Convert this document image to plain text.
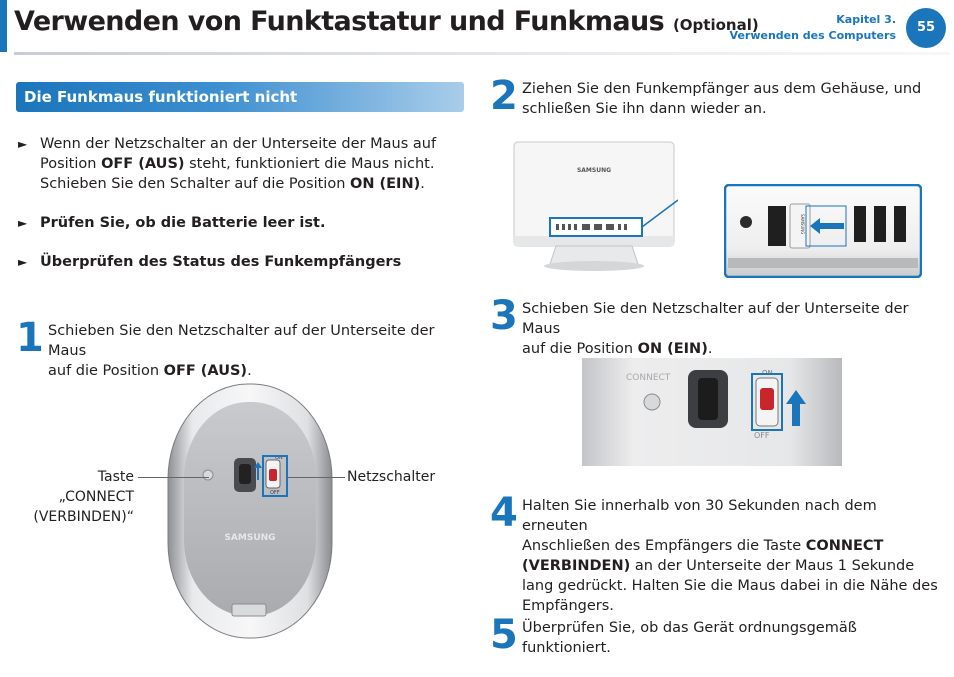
Verwenden von Funktastatur und Funkmaus (Optional)	Kapitel 3.
Verwenden des Computers
55
Die Funkmaus funktioniert nicht
► Wenn der Netzschalter an der Unterseite der Maus auf
Position OFF (AUS) steht, funktioniert die Maus nicht.
Schieben Sie den Schalter auf die Position ON (EIN).
► Prüfen Sie, ob die Batterie leer ist.
► Überprüfen des Status des Funkempfängers
1 Schieben Sie den Netzschalter auf der Unterseite der Maus
auf die Position OFF (AUS).
ON
OFF
SAMSUNG
Taste „CONNECT
(VERBINDEN)“
Netzschalter
2 Ziehen Sie den Funkempfänger aus dem Gehäuse, und
schließen Sie ihn dann wieder an.
SAMSUNG
SAMSUNG
3 Schieben Sie den Netzschalter auf der Unterseite der Maus
auf die Position ON (EIN).
CONNECT	ON
OFF
4 Halten Sie innerhalb von 30 Sekunden nach dem erneuten
Anschließen des Empfängers die Taste CONNECT
(VERBINDEN) an der Unterseite der Maus 1 Sekunde
lang gedrückt. Halten Sie die Maus dabei in die Nähe des
Empfängers.
5 Überprüfen Sie, ob das Gerät ordnungsgemäß funktioniert.
